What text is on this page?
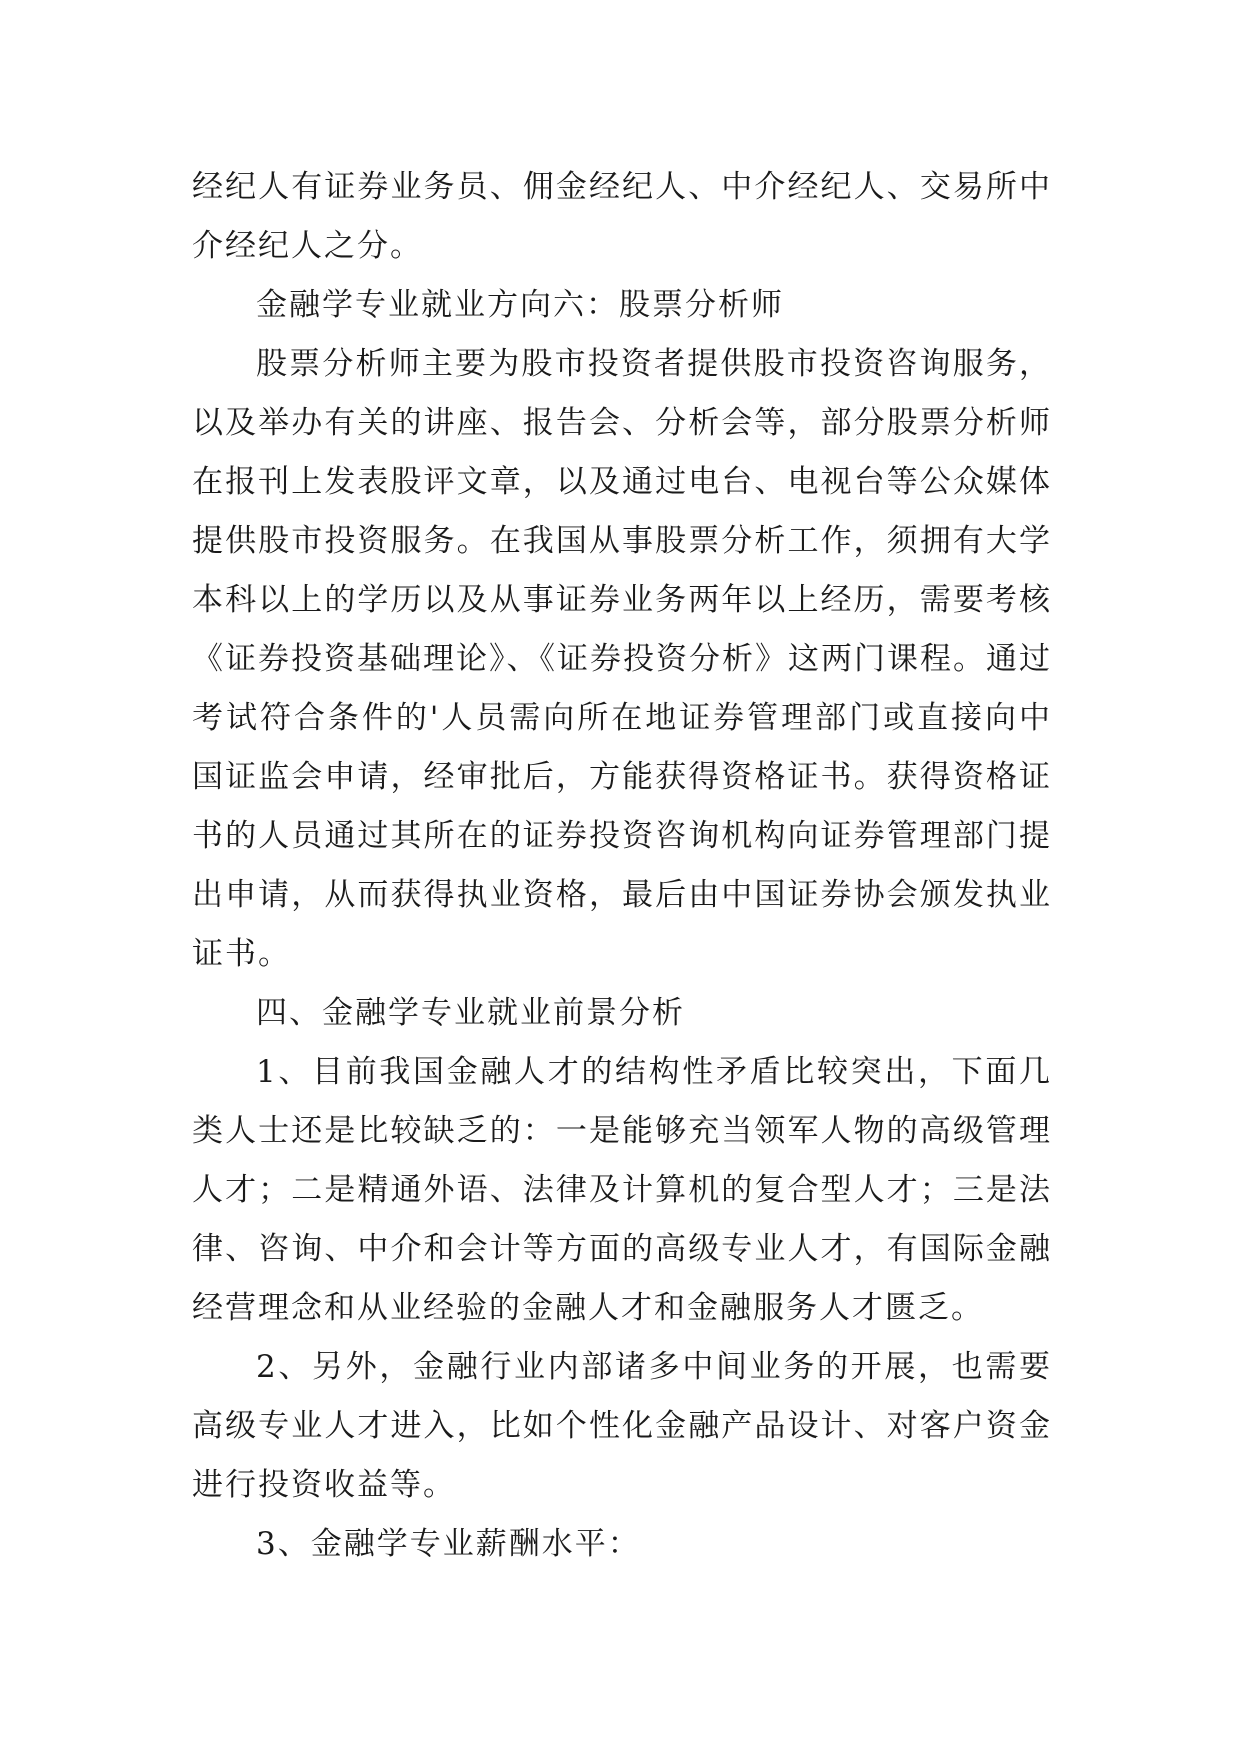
经纪人有证券业务员、佣金经纪人、中介经纪人、交易所中介经纪人之分。

金融学专业就业方向六：股票分析师

股票分析师主要为股市投资者提供股市投资咨询服务，以及举办有关的讲座、报告会、分析会等，部分股票分析师在报刊上发表股评文章，以及通过电台、电视台等公众媒体提供股市投资服务。在我国从事股票分析工作，须拥有大学本科以上的学历以及从事证券业务两年以上经历，需要考核《证券投资基础理论》、《证券投资分析》这两门课程。通过考试符合条件的'人员需向所在地证券管理部门或直接向中国证监会申请，经审批后，方能获得资格证书。获得资格证书的人员通过其所在的证券投资咨询机构向证券管理部门提出申请，从而获得执业资格，最后由中国证券协会颁发执业证书。

四、金融学专业就业前景分析

1、目前我国金融人才的结构性矛盾比较突出，下面几类人士还是比较缺乏的：一是能够充当领军人物的高级管理人才；二是精通外语、法律及计算机的复合型人才；三是法律、咨询、中介和会计等方面的高级专业人才，有国际金融经营理念和从业经验的金融人才和金融服务人才匮乏。

2、另外，金融行业内部诸多中间业务的开展，也需要高级专业人才进入，比如个性化金融产品设计、对客户资金进行投资收益等。

3、金融学专业薪酬水平：
